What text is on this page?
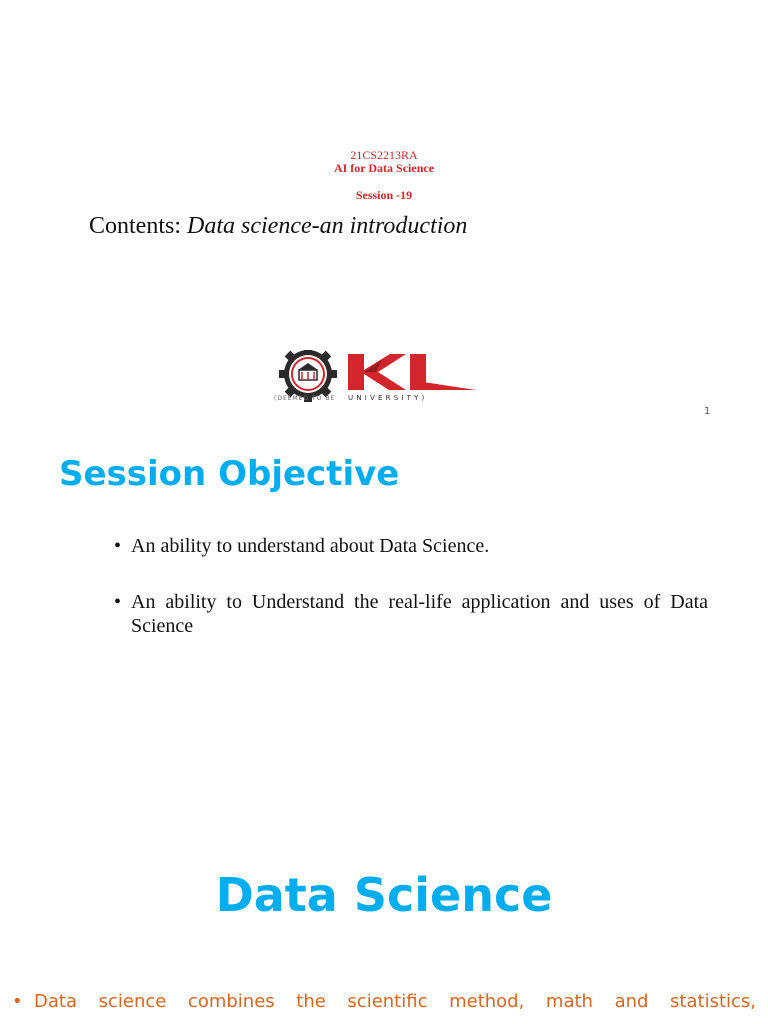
21CS2213RA
AI for Data Science
Session -19
Contents: Data science-an introduction
(DEEMED TO BE UNIVERSITY)
1
Session Objective
• An ability to understand about Data Science.
• An ability to Understand the real-life application and uses of Data Science
Data Science
• Data science combines the scientific method, math and statistics,
